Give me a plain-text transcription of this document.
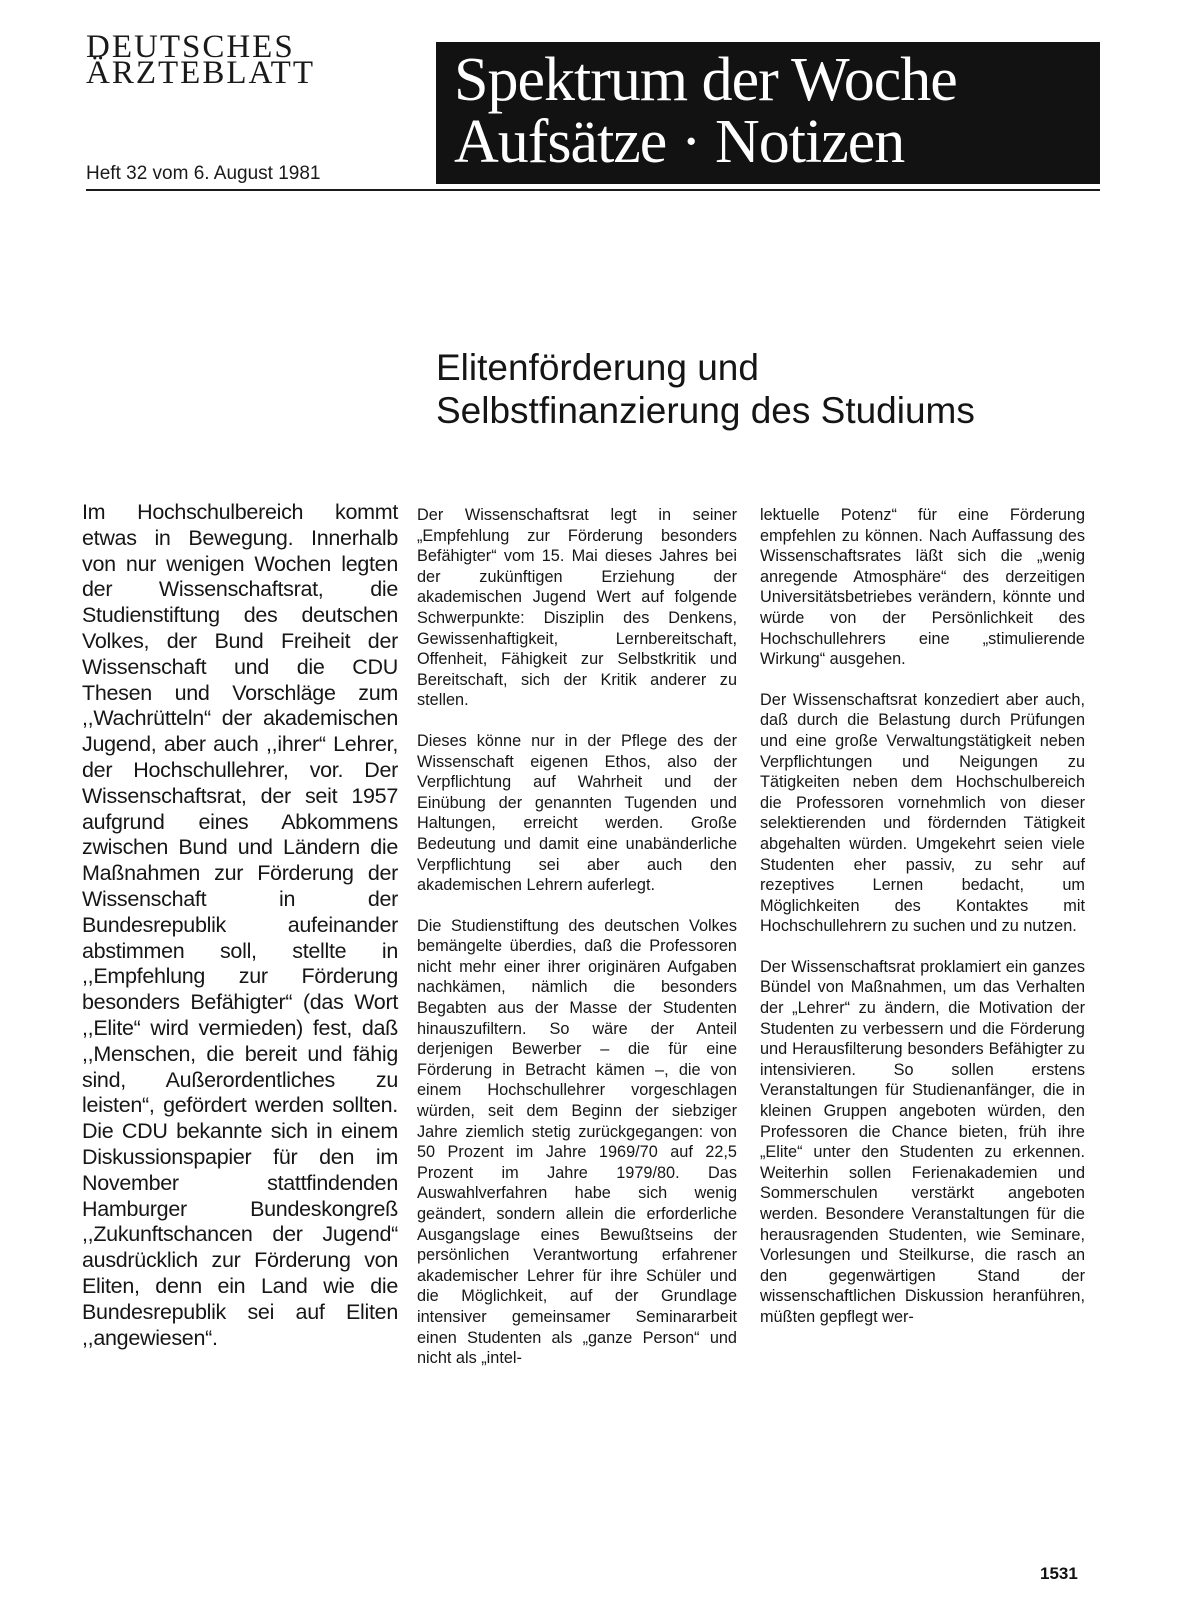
DEUTSCHES
ÄRZTEBLATT
Heft 32 vom 6. August 1981
Spektrum der Woche
Aufsätze · Notizen
Elitenförderung und
Selbstfinanzierung des Studiums

Im Hochschulbereich kommt etwas in Bewegung. Innerhalb von nur wenigen Wochen legten der Wissenschaftsrat, die Studienstiftung des deutschen Volkes, der Bund Freiheit der Wissenschaft und die CDU Thesen und Vorschläge zum ,,Wachrütteln“ der akademischen Jugend, aber auch ,,ihrer“ Lehrer, der Hochschullehrer, vor. Der Wissenschaftsrat, der seit 1957 aufgrund eines Abkommens zwischen Bund und Ländern die Maßnahmen zur Förderung der Wissenschaft in der Bundesrepublik aufeinander abstimmen soll, stellte in ,,Empfehlung zur Förderung besonders Befähigter“ (das Wort ,,Elite“ wird vermieden) fest, daß ,,Menschen, die bereit und fähig sind, Außerordentliches zu leisten“, gefördert werden sollten. Die CDU bekannte sich in einem Diskussionspapier für den im November stattfindenden Hamburger Bundeskongreß ,,Zukunftschancen der Jugend“ ausdrücklich zur Förderung von Eliten, denn ein Land wie die Bundesrepublik sei auf Eliten ,,angewiesen“.

Der Wissenschaftsrat legt in seiner „Empfehlung zur Förderung besonders Befähigter“ vom 15. Mai dieses Jahres bei der zukünftigen Erziehung der akademischen Jugend Wert auf folgende Schwerpunkte: Disziplin des Denkens, Gewissenhaftigkeit, Lernbereitschaft, Offenheit, Fähigkeit zur Selbstkritik und Bereitschaft, sich der Kritik anderer zu stellen.

Dieses könne nur in der Pflege des der Wissenschaft eigenen Ethos, also der Verpflichtung auf Wahrheit und der Einübung der genannten Tugenden und Haltungen, erreicht werden. Große Bedeutung und damit eine unabänderliche Verpflichtung sei aber auch den akademischen Lehrern auferlegt.

Die Studienstiftung des deutschen Volkes bemängelte überdies, daß die Professoren nicht mehr einer ihrer originären Aufgaben nachkämen, nämlich die besonders Begabten aus der Masse der Studenten hinauszufiltern. So wäre der Anteil derjenigen Bewerber – die für eine Förderung in Betracht kämen –, die von einem Hochschullehrer vorgeschlagen würden, seit dem Beginn der siebziger Jahre ziemlich stetig zurückgegangen: von 50 Prozent im Jahre 1969/70 auf 22,5 Prozent im Jahre 1979/80. Das Auswahlverfahren habe sich wenig geändert, sondern allein die erforderliche Ausgangslage eines Bewußtseins der persönlichen Verantwortung erfahrener akademischer Lehrer für ihre Schüler und die Möglichkeit, auf der Grundlage intensiver gemeinsamer Seminararbeit einen Studenten als „ganze Person“ und nicht als „intel-

lektuelle Potenz“ für eine Förderung empfehlen zu können. Nach Auffassung des Wissenschaftsrates läßt sich die „wenig anregende Atmosphäre“ des derzeitigen Universitätsbetriebes verändern, könnte und würde von der Persönlichkeit des Hochschullehrers eine „stimulierende Wirkung“ ausgehen.

Der Wissenschaftsrat konzediert aber auch, daß durch die Belastung durch Prüfungen und eine große Verwaltungstätigkeit neben Verpflichtungen und Neigungen zu Tätigkeiten neben dem Hochschulbereich die Professoren vornehmlich von dieser selektierenden und fördernden Tätigkeit abgehalten würden. Umgekehrt seien viele Studenten eher passiv, zu sehr auf rezeptives Lernen bedacht, um Möglichkeiten des Kontaktes mit Hochschullehrern zu suchen und zu nutzen.

Der Wissenschaftsrat proklamiert ein ganzes Bündel von Maßnahmen, um das Verhalten der „Lehrer“ zu ändern, die Motivation der Studenten zu verbessern und die Förderung und Herausfilterung besonders Befähigter zu intensivieren. So sollen erstens Veranstaltungen für Studienanfänger, die in kleinen Gruppen angeboten würden, den Professoren die Chance bieten, früh ihre „Elite“ unter den Studenten zu erkennen. Weiterhin sollen Ferienakademien und Sommerschulen verstärkt angeboten werden. Besondere Veranstaltungen für die herausragenden Studenten, wie Seminare, Vorlesungen und Steilkurse, die rasch an den gegenwärtigen Stand der wissenschaftlichen Diskussion heranführen, müßten gepflegt wer-

1531
